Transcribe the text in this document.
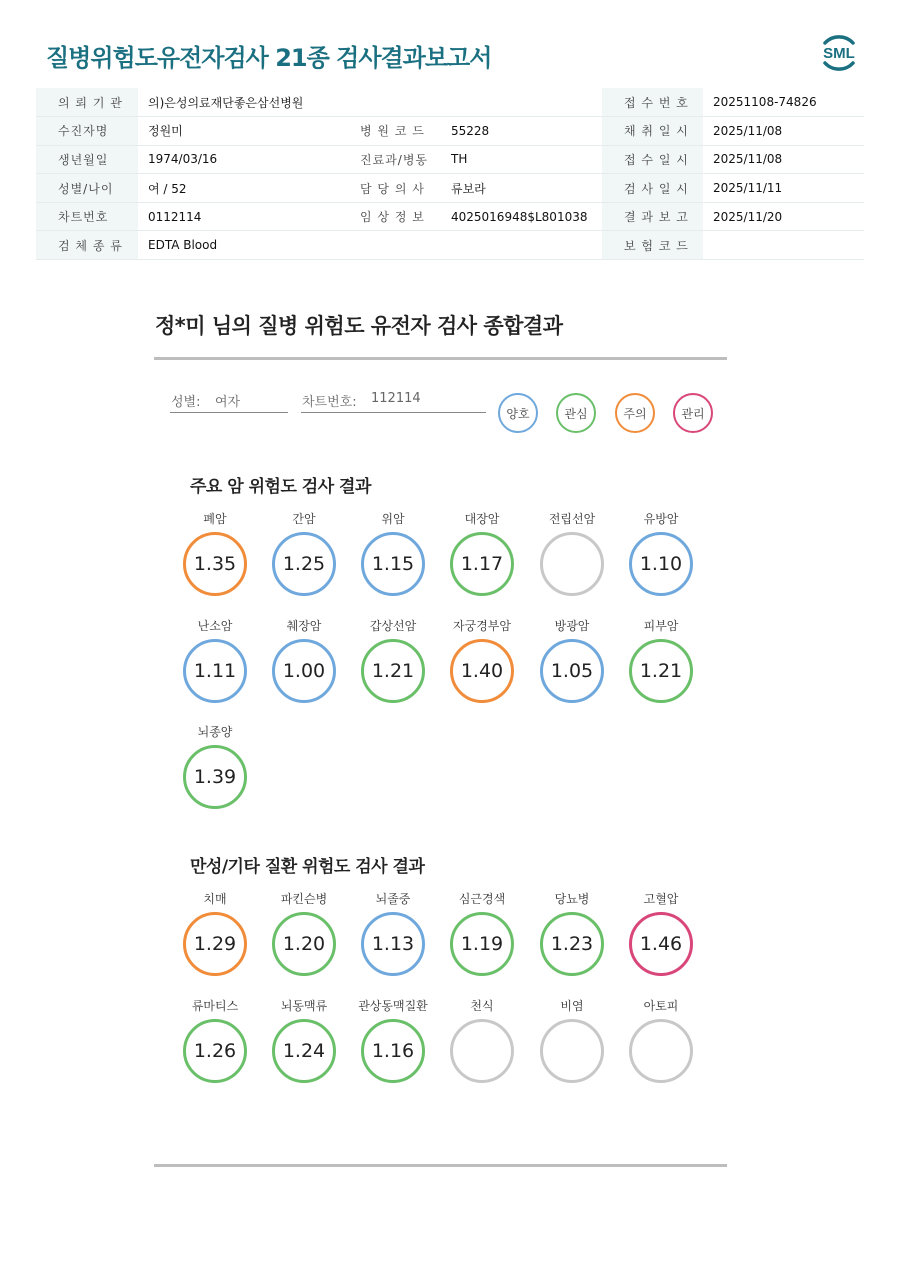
질병위험도유전자검사 21종 검사결과보고서	SML
의 뢰 기 관	의)은성의료재단좋은삼선병원			접 수 번 호	20251108-74826
수진자명	정원미	병 원 코 드	55228	채 취 일 시	2025/11/08
생년월일	1974/03/16	진료과/병동	TH	접 수 일 시	2025/11/08
성별/나이	여 / 52	담 당 의 사	류보라	검 사 일 시	2025/11/11
차트번호	0112114	임 상 정 보	4025016948$L801038	결 과 보 고	2025/11/20
검 체 종 류	EDTA Blood			보 험 코 드	
정*미 님의 질병 위험도 유전자 검사 종합결과
성별: 여자	차트번호: 112114
양호	관심	주의	관리
주요 암 위험도 검사 결과
폐암
1.35
간암
1.25
위암
1.15
대장암
1.17
전립선암	유방암
1.10
난소암
1.11
췌장암
1.00
갑상선암
1.21
자궁경부암
1.40
방광암
1.05
피부암
1.21
뇌종양
1.39
만성/기타 질환 위험도 검사 결과
치매
1.29
파킨슨병
1.20
뇌졸중
1.13
심근경색
1.19
당뇨병
1.23
고혈압
1.46
류마티스
1.26
뇌동맥류
1.24
관상동맥질환
1.16
천식	비염	아토피
